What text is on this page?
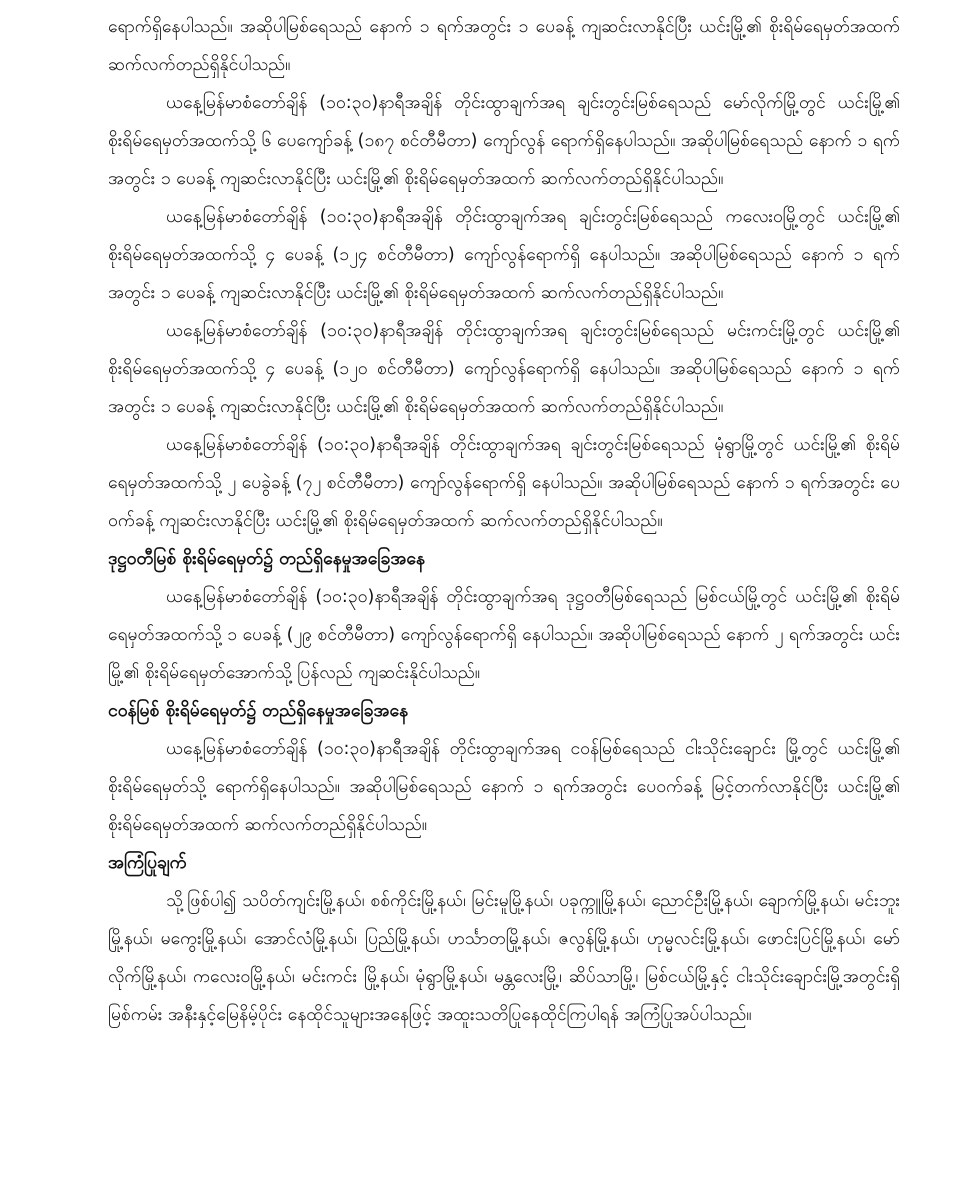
ရောက်ရှိနေပါသည်။ အဆိုပါမြစ်ရေသည် နောက် ၁ ရက်အတွင်း ၁ ပေခန့် ကျဆင်းလာနိုင်ပြီး ယင်းမြို့၏ စိုးရိမ်ရေမှတ်အထက် ဆက်လက်တည်ရှိနိုင်ပါသည်။

ယနေ့မြန်မာစံတော်ချိန် (၁၀:၃၀)နာရီအချိန် တိုင်းထွာချက်အရ ချင်းတွင်းမြစ်ရေသည် မော်လိုက်မြို့တွင် ယင်းမြို့၏ စိုးရိမ်ရေမှတ်အထက်သို့ ၆ ပေကျော်ခန့် (၁၈၇ စင်တီမီတာ) ကျော်လွန် ရောက်ရှိနေပါသည်။ အဆိုပါမြစ်ရေသည် နောက် ၁ ရက်အတွင်း ၁ ပေခန့် ကျဆင်းလာနိုင်ပြီး ယင်းမြို့၏ စိုးရိမ်ရေမှတ်အထက် ဆက်လက်တည်ရှိနိုင်ပါသည်။

ယနေ့မြန်မာစံတော်ချိန် (၁၀:၃၀)နာရီအချိန် တိုင်းထွာချက်အရ ချင်းတွင်းမြစ်ရေသည် ကလေးဝမြို့တွင် ယင်းမြို့၏ စိုးရိမ်ရေမှတ်အထက်သို့ ၄ ပေခန့် (၁၂၄ စင်တီမီတာ) ကျော်လွန်ရောက်ရှိ နေပါသည်။ အဆိုပါမြစ်ရေသည် နောက် ၁ ရက်အတွင်း ၁ ပေခန့် ကျဆင်းလာနိုင်ပြီး ယင်းမြို့၏ စိုးရိမ်ရေမှတ်အထက် ဆက်လက်တည်ရှိနိုင်ပါသည်။

ယနေ့မြန်မာစံတော်ချိန် (၁၀:၃၀)နာရီအချိန် တိုင်းထွာချက်အရ ချင်းတွင်းမြစ်ရေသည် မင်းကင်းမြို့တွင် ယင်းမြို့၏ စိုးရိမ်ရေမှတ်အထက်သို့ ၄ ပေခန့် (၁၂၀ စင်တီမီတာ) ကျော်လွန်ရောက်ရှိ နေပါသည်။ အဆိုပါမြစ်ရေသည် နောက် ၁ ရက်အတွင်း ၁ ပေခန့် ကျဆင်းလာနိုင်ပြီး ယင်းမြို့၏ စိုးရိမ်ရေမှတ်အထက် ဆက်လက်တည်ရှိနိုင်ပါသည်။

ယနေ့မြန်မာစံတော်ချိန် (၁၀:၃၀)နာရီအချိန် တိုင်းထွာချက်အရ ချင်းတွင်းမြစ်ရေသည် မုံရွာမြို့တွင် ယင်းမြို့၏ စိုးရိမ်ရေမှတ်အထက်သို့ ၂ ပေခွဲခန့် (၇၂ စင်တီမီတာ) ကျော်လွန်ရောက်ရှိ နေပါသည်။ အဆိုပါမြစ်ရေသည် နောက် ၁ ရက်အတွင်း ပေဝက်ခန့် ကျဆင်းလာနိုင်ပြီး ယင်းမြို့၏ စိုးရိမ်ရေမှတ်အထက် ဆက်လက်တည်ရှိနိုင်ပါသည်။

ဒုဋ္ဌဝတီမြစ် စိုးရိမ်ရေမှတ်၌ တည်ရှိနေမှုအခြေအနေ

ယနေ့မြန်မာစံတော်ချိန် (၁၀:၃၀)နာရီအချိန် တိုင်းထွာချက်အရ ဒုဋ္ဌဝတီမြစ်ရေသည် မြစ်ငယ်မြို့တွင် ယင်းမြို့၏ စိုးရိမ်ရေမှတ်အထက်သို့ ၁ ပေခန့် (၂၉ စင်တီမီတာ) ကျော်လွန်ရောက်ရှိ နေပါသည်။ အဆိုပါမြစ်ရေသည် နောက် ၂ ရက်အတွင်း ယင်းမြို့၏ စိုးရိမ်ရေမှတ်အောက်သို့ ပြန်လည် ကျဆင်းနိုင်ပါသည်။

ငဝန်မြစ် စိုးရိမ်ရေမှတ်၌ တည်ရှိနေမှုအခြေအနေ

ယနေ့မြန်မာစံတော်ချိန် (၁၀:၃၀)နာရီအချိန် တိုင်းထွာချက်အရ ငဝန်မြစ်ရေသည် ငါးသိုင်းချောင်း မြို့တွင် ယင်းမြို့၏ စိုးရိမ်ရေမှတ်သို့ ရောက်ရှိနေပါသည်။ အဆိုပါမြစ်ရေသည် နောက် ၁ ရက်အတွင်း ပေဝက်ခန့် မြင့်တက်လာနိုင်ပြီး ယင်းမြို့၏ စိုးရိမ်ရေမှတ်အထက် ဆက်လက်တည်ရှိနိုင်ပါသည်။

အကြံပြုချက်

သို့ဖြစ်ပါ၍ သပိတ်ကျင်းမြို့နယ်၊ စစ်ကိုင်းမြို့နယ်၊ မြင်းမူမြို့နယ်၊ ပခုက္ကူမြို့နယ်၊ ညောင်ဦးမြို့နယ်၊ ချောက်မြို့နယ်၊ မင်းဘူးမြို့နယ်၊ မကွေးမြို့နယ်၊ အောင်လံမြို့နယ်၊ ပြည်မြို့နယ်၊ ဟင်္သာတမြို့နယ်၊ ဇလွန်မြို့နယ်၊ ဟုမ္မလင်းမြို့နယ်၊ ဖောင်းပြင်မြို့နယ်၊ မော်လိုက်မြို့နယ်၊ ကလေးဝမြို့နယ်၊ မင်းကင်း မြို့နယ်၊ မုံရွာမြို့နယ်၊ မန္တလေးမြို့၊ ဆိပ်သာမြို့၊ မြစ်ငယ်မြို့နှင့် ငါးသိုင်းချောင်းမြို့အတွင်းရှိ မြစ်ကမ်း အနီးနှင့်မြေနိမ့်ပိုင်း နေထိုင်သူများအနေဖြင့် အထူးသတိပြုနေထိုင်ကြပါရန် အကြံပြုအပ်ပါသည်။
